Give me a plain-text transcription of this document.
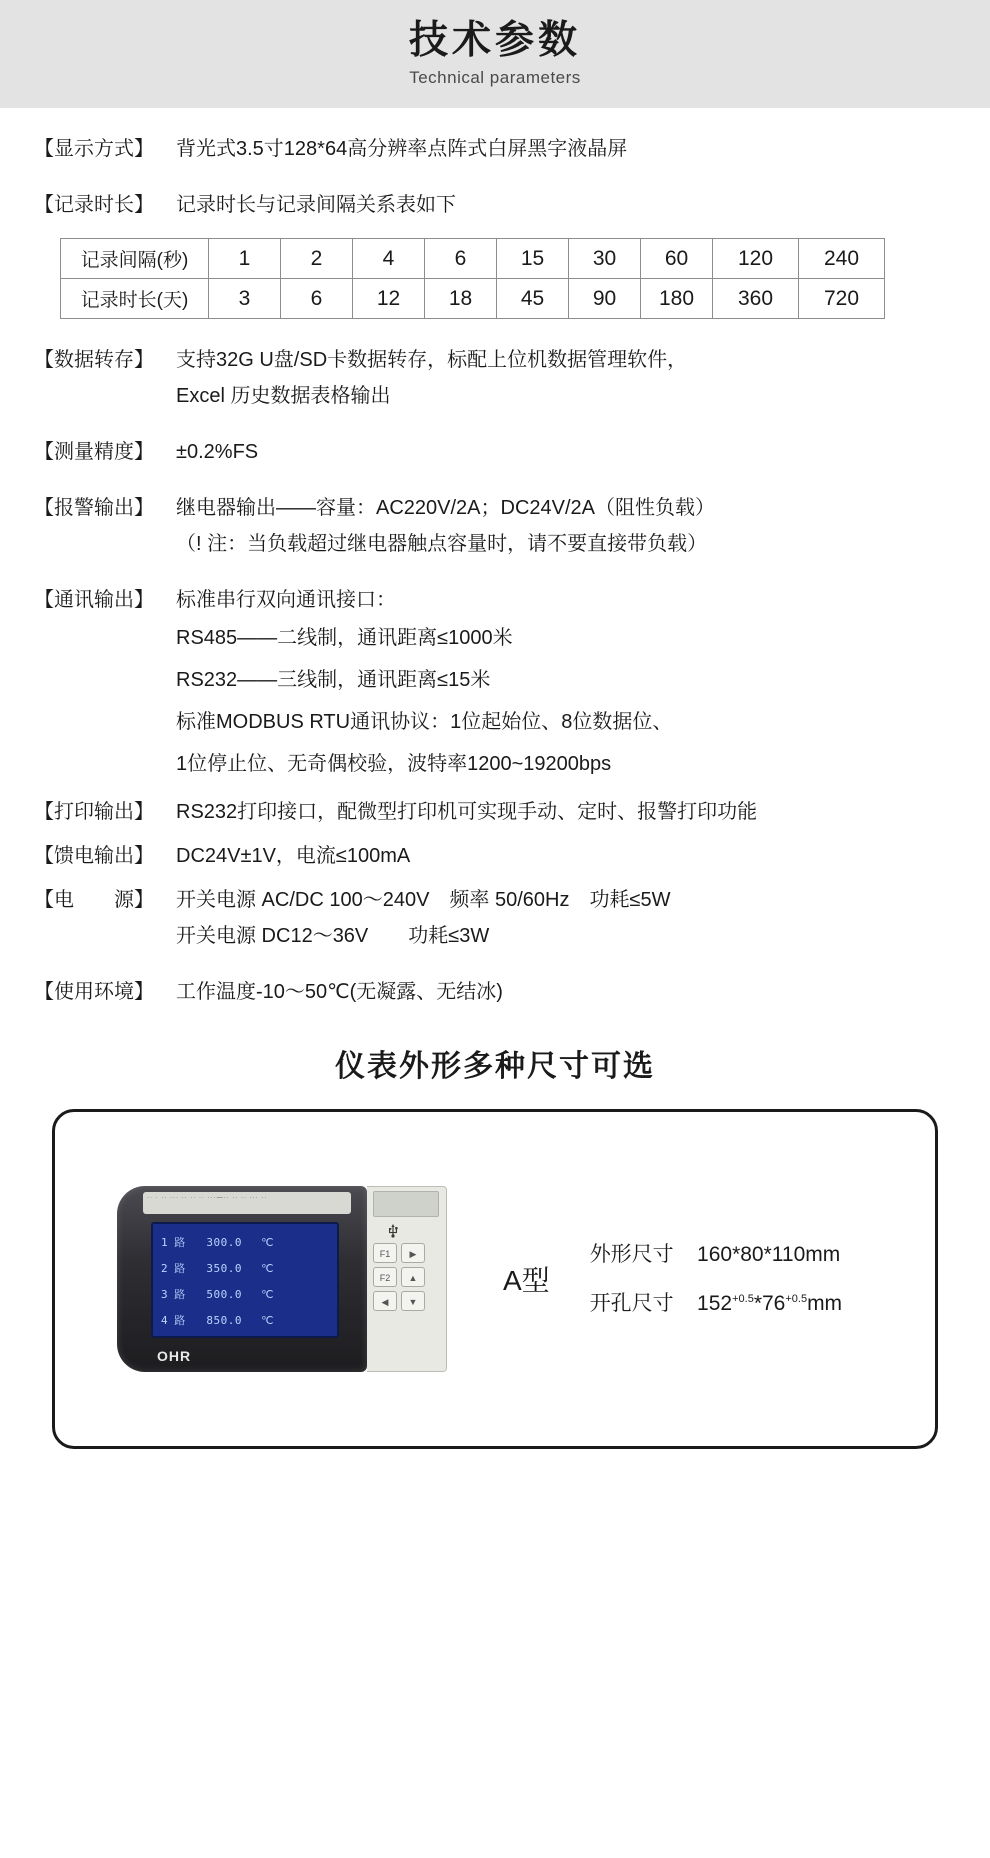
技术参数
Technical parameters
【显示方式】	背光式3.5寸128*64高分辨率点阵式白屏黑字液晶屏
【记录时长】	记录时长与记录间隔关系表如下
记录间隔(秒)	1	2	4	6	15	30	60	120	240
记录时长(天)	3	6	12	18	45	90	180	360	720
【数据转存】	支持32G U盘/SD卡数据转存，标配上位机数据管理软件，
Excel 历史数据表格输出
【测量精度】	±0.2%FS
【报警输出】	继电器输出——容量：AC220V/2A；DC24V/2A（阻性负载）
（! 注：当负载超过继电器触点容量时，请不要直接带负载）
【通讯输出】	标准串行双向通讯接口：
RS485——二线制，通讯距离≤1000米
RS232——三线制，通讯距离≤15米
标准MODBUS RTU通讯协议：1位起始位、8位数据位、
1位停止位、无奇偶校验，波特率1200~19200bps
【打印输出】	RS232打印接口，配微型打印机可实现手动、定时、报警打印功能
【馈电输出】	DC24V±1V，电流≤100mA
【电　　源】	开关电源 AC/DC 100～240V　频率 50/60Hz　功耗≤5W
开关电源 DC12～36V　　功耗≤3W
【使用环境】	工作温度-10～50℃(无凝露、无结冰)
仪表外形多种尺寸可选
·· · ·· ··· ·· ·· ·· ···—·· ·· ·· ··· ··
1 路 300.0 ℃
2 路 350.0 ℃
3 路 500.0 ℃
4 路 850.0 ℃
OHR
F1	▶
F2	▲
◀	▼
A型
外形尺寸 160*80*110mm
开孔尺寸 $152^{+0.5}*76^{+0.5}mm$
